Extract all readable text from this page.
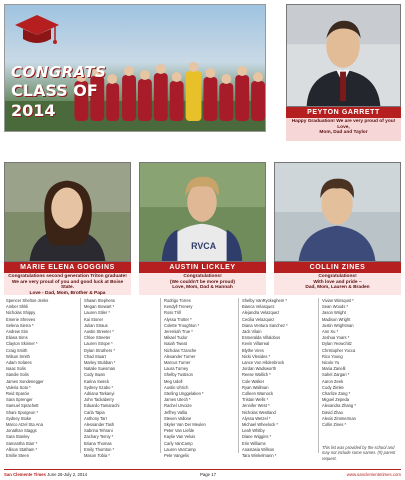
CONGRATS
CLASS OF
2014	PEYTON GARRETT
Happy Graduation! We are very proud of you!
Love,
Mom, Dad and Taylor
MARIE ELENA GOGGINS
Congratulations second generation Triton graduate! We are very proud of you and good luck at Boise State.
Love - Dad, Mom, Brother & Papa
RVCA
AUSTIN LICKLEY
Congratulations!
(We couldn't be more proud)
Love, Mom, Dad & Hannah
COLLIN ZINES
Congratulations!
With love and pride ~
Dad, Mom, Lauren & Braden
Spencer Shelton-Jenks
Amber Shkli
Nicholas Shippy
Emerie Shreves
Selena Sierra *
Andrew Sim
Eliana Sims
Clayton Skinner *
Craig Smith
Wilson Smith
Adam Solares
Isaac Solis
Sandie Solis
James Sondenegger
Valeria Soto *
Reid Sparcie
Sara Sprenger
Samuel Sprachett
Shani Spurgeon *
Sydney Stoke
Marco Atzel Sta Ana
Jonathan Staggs
Sara Stanley
Samantha Starr *
Allison Statham *
Emilie Steen
Shawn Stephens
Megan Stewart *
Lauren Stiler *
Kai Stoner
Julian Straus
Austin Streeter *
Chloe Streeter
Lauren Strope *
Dylan Struthers *
Chad Stuart
Marley Stubban *
Natalie Suesman
Cody Swan
Karina Sweck
Sydney Szabo *
Adriana Tarkanyi
John Tackaberry
Eduardo Tamarachi
Carla Tapia
Anthony Tarr
Alessander Tash
Sabrina Tehrani
Zachary Temiy *
Briana Thomas
Emily Thornton *
Mason Tobia *
Rodrigo Torres
Kendyll Trenery
Ross Trill
Alyssa Trotter *
Colette Troughton *
Jeremiah True *
Mikael Tudor
Isaiah Tweat
Nicholas Tzanche
Alexander Turner
Marcus Turner
Laura Turney
Shelby Tustison
Meg Udell
Austin Uhrich
Sterling Unggelaken *
James Utech *
Rachel Urvoize
Jeffrey Vallia
Steven Vallone
Skyler Van Der Meulen
Peter Van Liefde
Kaylie Van Veluis
Carly VanCamp
Lauren VanCamp
Pete Vangelis
Shelby VanRyckeghem *
Bianca Velasquez
Alejandra Velazquez
Cecilia Velazquez
Diana Ventura Sanchez *
Jack Vilain
Esmeralda Villalobos
Kevin Villarreal
Blythe Vires
Nicki Vlesides *
Lance Von Hildenbrock
Jordan Wadsworth
Reese Wallich *
Cole Walker
Ryan Wallman
Colleen Warnock
Tristan Wells *
Jennifer West *
Nicholas Westland
Alyssa Wetzel *
Michael Wheelock *
Leah Whitby
Diane Wiggins *
Erin Williams
Anastasia Willson
Tara Winkelmann *
Vivian Winsqust *
Sean Woods *
Jason Wright
Madison Wright
Justin Wrightman
Ann Xu *
Joshua Yoars *
Dylan Yeowchitz
Christopher Yocca
Rico Young
Nicole Yu
Maria Zanelli
Sahel Zargari *
Aaron Zeek
Cody Zimke
Charlize Zang *
Miguel Zepeda
Alexandra Zhang *
David Zhao
Alexis Zimmerman
Collin Zines *
This list was provided by the school and may not include some names. (#) parent request.
San Clemente Times June 26-July 2, 2014	Page 17	www.sanclementetimes.com
